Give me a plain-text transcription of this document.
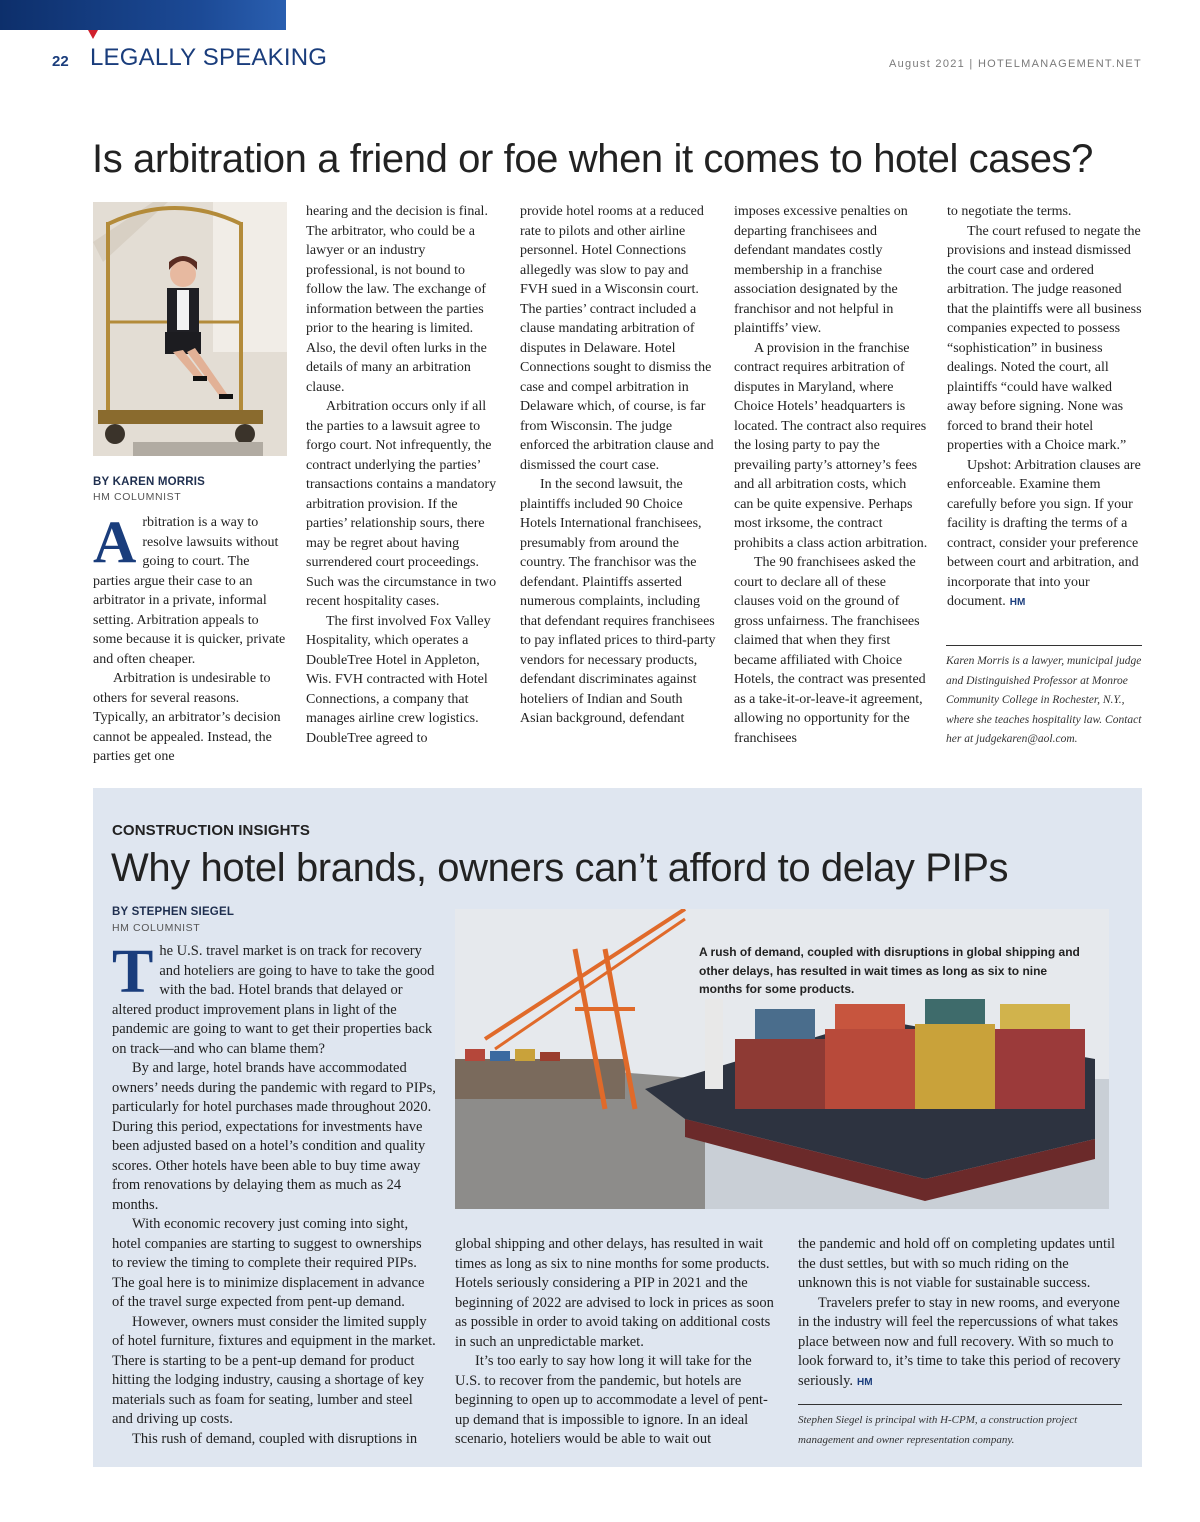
22 LEGALLY SPEAKING	August 2021 | HOTELMANAGEMENT.NET
Is arbitration a friend or foe when it comes to hotel cases?
BY KAREN MORRIS
HM COLUMNIST

Arbitration is a way to resolve lawsuits without going to court. The parties argue their case to an arbitrator in a private, informal setting. Arbitration appeals to some because it is quicker, private and often cheaper.

Arbitration is undesirable to others for several reasons. Typically, an arbitrator’s decision cannot be appealed. Instead, the parties get one

hearing and the decision is final. The arbitrator, who could be a lawyer or an industry professional, is not bound to follow the law. The exchange of information between the parties prior to the hearing is limited. Also, the devil often lurks in the details of many an arbitration clause.

Arbitration occurs only if all the parties to a lawsuit agree to forgo court. Not infrequently, the contract underlying the parties’ transactions contains a mandatory arbitration provision. If the parties’ relationship sours, there may be regret about having surrendered court proceedings. Such was the circumstance in two recent hospitality cases.

The first involved Fox Valley Hospitality, which operates a DoubleTree Hotel in Appleton, Wis. FVH contracted with Hotel Connections, a company that manages airline crew logistics. DoubleTree agreed to

provide hotel rooms at a reduced rate to pilots and other airline personnel. Hotel Connections allegedly was slow to pay and FVH sued in a Wisconsin court. The parties’ contract included a clause mandating arbitration of disputes in Delaware. Hotel Connections sought to dismiss the case and compel arbitration in Delaware which, of course, is far from Wisconsin. The judge enforced the arbitration clause and dismissed the court case.

In the second lawsuit, the plaintiffs included 90 Choice Hotels International franchisees, presumably from around the country. The franchisor was the defendant. Plaintiffs asserted numerous complaints, including that defendant requires franchisees to pay inflated prices to third-party vendors for necessary products, defendant discriminates against hoteliers of Indian and South Asian background, defendant

imposes excessive penalties on departing franchisees and defendant mandates costly membership in a franchise association designated by the franchisor and not helpful in plaintiffs’ view.

A provision in the franchise contract requires arbitration of disputes in Maryland, where Choice Hotels’ headquarters is located. The contract also requires the losing party to pay the prevailing party’s attorney’s fees and all arbitration costs, which can be quite expensive. Perhaps most irksome, the contract prohibits a class action arbitration.

The 90 franchisees asked the court to declare all of these clauses void on the ground of gross unfairness. The franchisees claimed that when they first became affiliated with Choice Hotels, the contract was presented as a take-it-or-leave-it agreement, allowing no opportunity for the franchisees

to negotiate the terms.

The court refused to negate the provisions and instead dismissed the court case and ordered arbitration. The judge reasoned that the plaintiffs were all business companies expected to possess “sophistication” in business dealings. Noted the court, all plaintiffs “could have walked away before signing. None was forced to brand their hotel properties with a Choice mark.”

Upshot: Arbitration clauses are enforceable. Examine them carefully before you sign. If your facility is drafting the terms of a contract, consider your preference between court and arbitration, and incorporate that into your document. HM

Karen Morris is a lawyer, municipal judge and Distinguished Professor at Monroe Community College in Rochester, N.Y., where she teaches hospitality law. Contact her at judgekaren@aol.com.
CONSTRUCTION INSIGHTS
Why hotel brands, owners can’t afford to delay PIPs
BY STEPHEN SIEGEL
HM COLUMNIST
A rush of demand, coupled with disruptions in global shipping and other delays, has resulted in wait times as long as six to nine months for some products.

The U.S. travel market is on track for recovery and hoteliers are going to have to take the good with the bad. Hotel brands that delayed or altered product improvement plans in light of the pandemic are going to want to get their properties back on track—and who can blame them?

By and large, hotel brands have accommodated owners’ needs during the pandemic with regard to PIPs, particularly for hotel purchases made throughout 2020. During this period, expectations for investments have been adjusted based on a hotel’s condition and quality scores. Other hotels have been able to buy time away from renovations by delaying them as much as 24 months.

With economic recovery just coming into sight, hotel companies are starting to suggest to ownerships to review the timing to complete their required PIPs. The goal here is to minimize displacement in advance of the travel surge expected from pent-up demand.

However, owners must consider the limited supply of hotel furniture, fixtures and equipment in the market. There is starting to be a pent-up demand for product hitting the lodging industry, causing a shortage of key materials such as foam for seating, lumber and steel and driving up costs.

This rush of demand, coupled with disruptions in

global shipping and other delays, has resulted in wait times as long as six to nine months for some products. Hotels seriously considering a PIP in 2021 and the beginning of 2022 are advised to lock in prices as soon as possible in order to avoid taking on additional costs in such an unpredictable market.

It’s too early to say how long it will take for the U.S. to recover from the pandemic, but hotels are beginning to open up to accommodate a level of pent-up demand that is impossible to ignore. In an ideal scenario, hoteliers would be able to wait out

the pandemic and hold off on completing updates until the dust settles, but with so much riding on the unknown this is not viable for sustainable success.

Travelers prefer to stay in new rooms, and everyone in the industry will feel the repercussions of what takes place between now and full recovery. With so much to look forward to, it’s time to take this period of recovery seriously. HM

Stephen Siegel is principal with H-CPM, a construction project management and owner representation company.
